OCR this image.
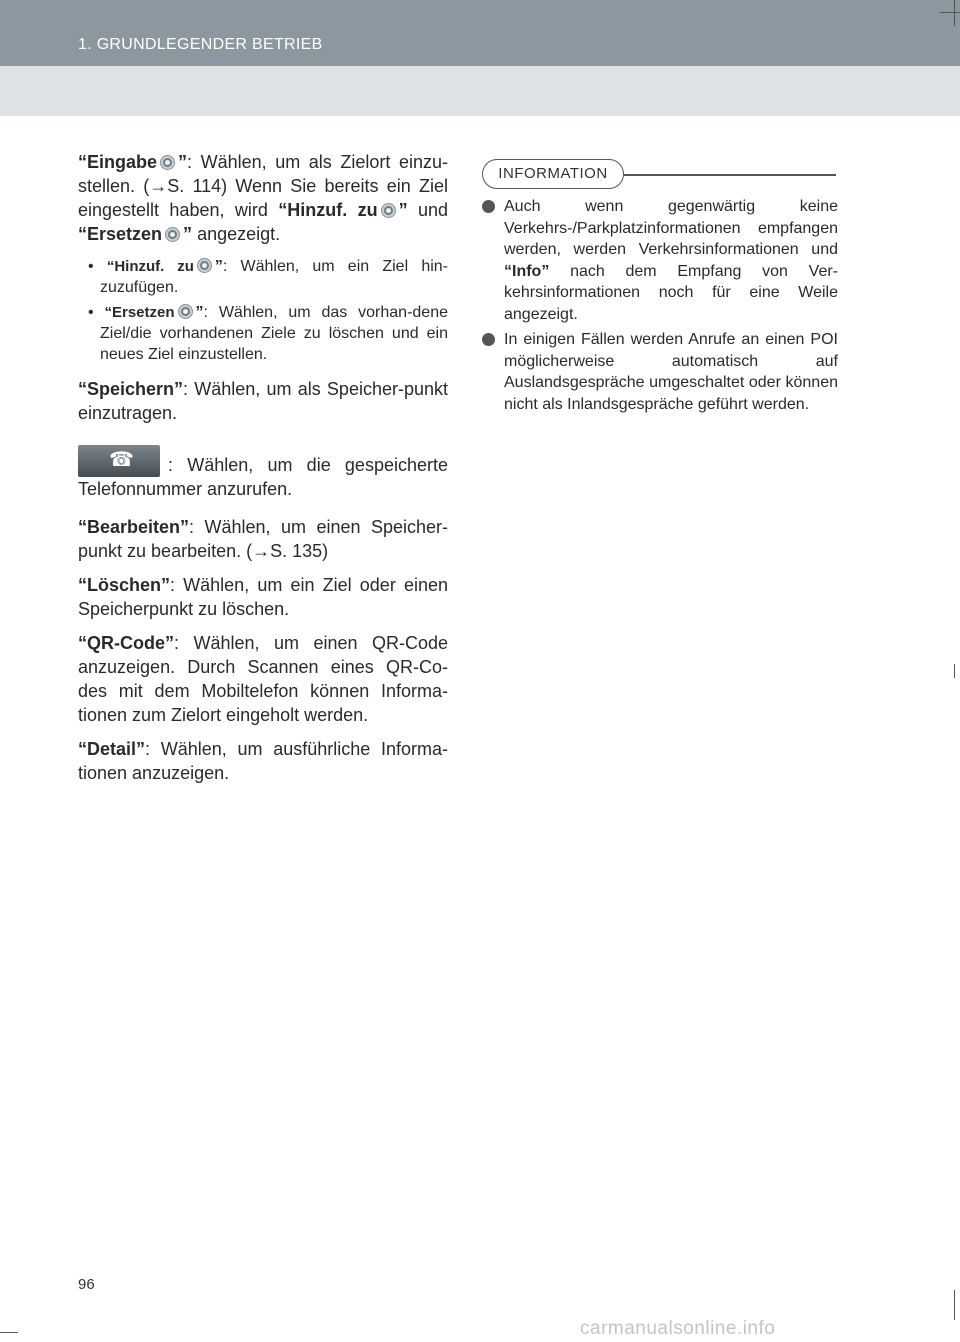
1. GRUNDLEGENDER BETRIEB

“Eingabe ”: Wählen, um als Zielort einzu-stellen. (→S. 114) Wenn Sie bereits ein Ziel eingestellt haben, wird “Hinzuf. zu ” und “Ersetzen ” angezeigt.

• “Hinzuf. zu ”: Wählen, um ein Ziel hin-zuzufügen.

• “Ersetzen ”: Wählen, um das vorhan-dene Ziel/die vorhandenen Ziele zu löschen und ein neues Ziel einzustellen.

“Speichern”: Wählen, um als Speicher-punkt einzutragen.

☎ : Wählen, um die gespeicherte Telefonnummer anzurufen.

“Bearbeiten”: Wählen, um einen Speicher-punkt zu bearbeiten. (→S. 135)

“Löschen”: Wählen, um ein Ziel oder einen Speicherpunkt zu löschen.

“QR-Code”: Wählen, um einen QR-Code anzuzeigen. Durch Scannen eines QR-Co-des mit dem Mobiltelefon können Informa-tionen zum Zielort eingeholt werden.

“Detail”: Wählen, um ausführliche Informa-tionen anzuzeigen.

INFORMATION

Auch wenn gegenwärtig keine Verkehrs-/Parkplatzinformationen empfangen werden, werden Verkehrsinformationen und “Info” nach dem Empfang von Ver-kehrsinformationen noch für eine Weile angezeigt.

In einigen Fällen werden Anrufe an einen POI möglicherweise automatisch auf Auslandsgespräche umgeschaltet oder können nicht als Inlandsgespräche geführt werden.

96
carmanualsonline.info
